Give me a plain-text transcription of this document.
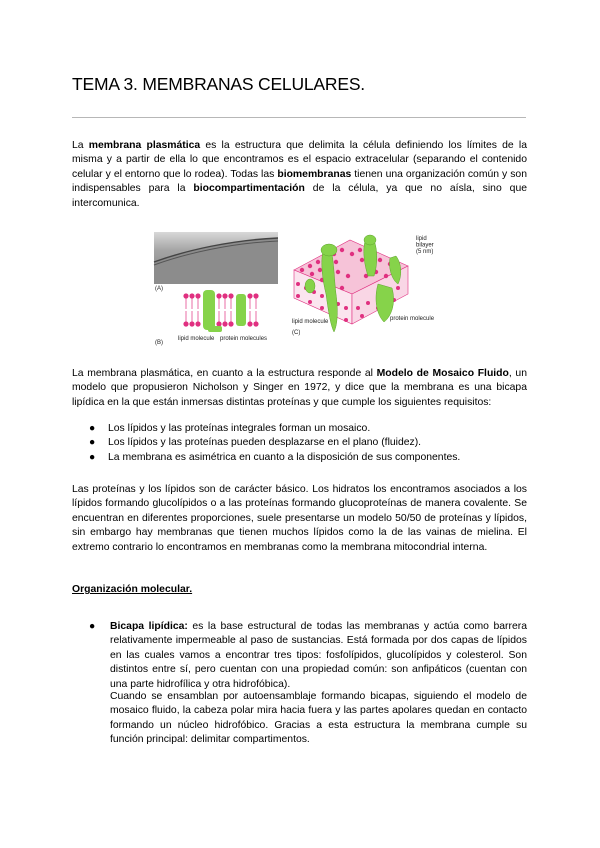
TEMA 3. MEMBRANAS CELULARES.

La membrana plasmática es la estructura que delimita la célula definiendo los límites de la misma y a partir de ella lo que encontramos es el espacio extracelular (separando el contenido celular y el entorno que lo rodea). Todas las biomembranas tienen una organización común y son indispensables para la biocompartimentación de la célula, ya que no aísla, sino que intercomunica.

(A)
(B)
lipid molecule protein molecules
lipid bilayer (5 nm)
lipid molecule	protein molecule
(C)

La membrana plasmática, en cuanto a la estructura responde al Modelo de Mosaico Fluido, un modelo que propusieron Nicholson y Singer en 1972, y dice que la membrana es una bicapa lipídica en la que están inmersas distintas proteínas y que cumple los siguientes requisitos:

● Los lípidos y las proteínas integrales forman un mosaico.
● Los lípidos y las proteínas pueden desplazarse en el plano (fluidez).
● La membrana es asimétrica en cuanto a la disposición de sus componentes.

Las proteínas y los lípidos son de carácter básico. Los hidratos los encontramos asociados a los lípidos formando glucolípidos o a las proteínas formando glucoproteínas de manera covalente. Se encuentran en diferentes proporciones, suele presentarse un modelo 50/50 de proteínas y lípidos, sin embargo hay membranas que tienen muchos lípidos como la de las vainas de mielina. El extremo contrario lo encontramos en membranas como la membrana mitocondrial interna.

Organización molecular.

● Bicapa lipídica: es la base estructural de todas las membranas y actúa como barrera relativamente impermeable al paso de sustancias. Está formada por dos capas de lípidos en las cuales vamos a encontrar tres tipos: fosfolípidos, glucolípidos y colesterol. Son distintos entre sí, pero cuentan con una propiedad común: son anfipáticos (cuentan con una parte hidrofílica y otra hidrofóbica).

Cuando se ensamblan por autoensamblaje formando bicapas, siguiendo el modelo de mosaico fluido, la cabeza polar mira hacia fuera y las partes apolares quedan en contacto formando un núcleo hidrofóbico. Gracias a esta estructura la membrana cumple su función principal: delimitar compartimentos.
